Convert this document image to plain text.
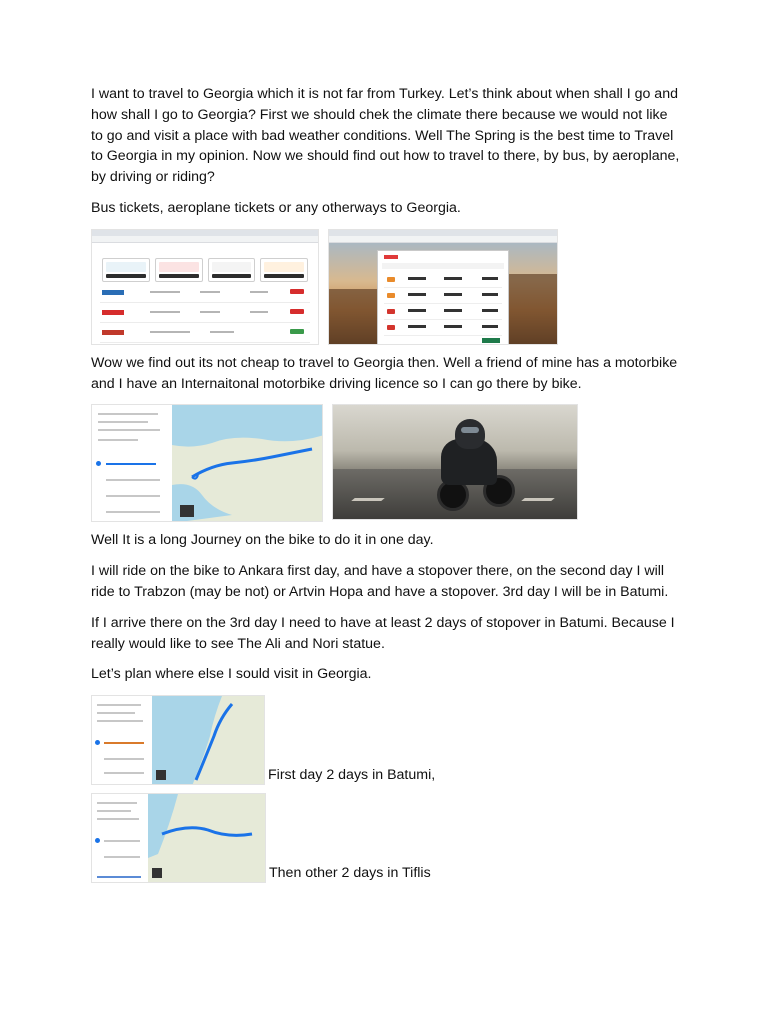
I want to travel to Georgia which it is not far from Turkey. Let’s think about when shall I go and how shall I go to Georgia? First we should chek the climate there because we would not like to go and visit a place with bad weather conditions. Well The Spring is the best time to Travel to Georgia in my opinion. Now we should find out how to travel to there, by bus, by aeroplane, by driving or riding?

Bus tickets, aeroplane tickets or any otherways to Georgia.

Wow we find out its not cheap to travel to Georgia then. Well a friend of mine has a motorbike and I have an Internaitonal motorbike driving licence so I can go there by bike.

Well It is a long Journey on the bike to do it in one day.

I will ride on the bike to Ankara first day, and have a stopover there, on the second day I will ride to Trabzon (may be not) or Artvin Hopa and have a stopover. 3rd day I will be in Batumi.

If I arrive there on the 3rd day I need to have at least 2 days of stopover in Batumi. Because I really would like to see The Ali and Nori statue.

Let’s plan where else I sould visit in Georgia.

First day 2 days in Batumi,
Then other 2 days in Tiflis
